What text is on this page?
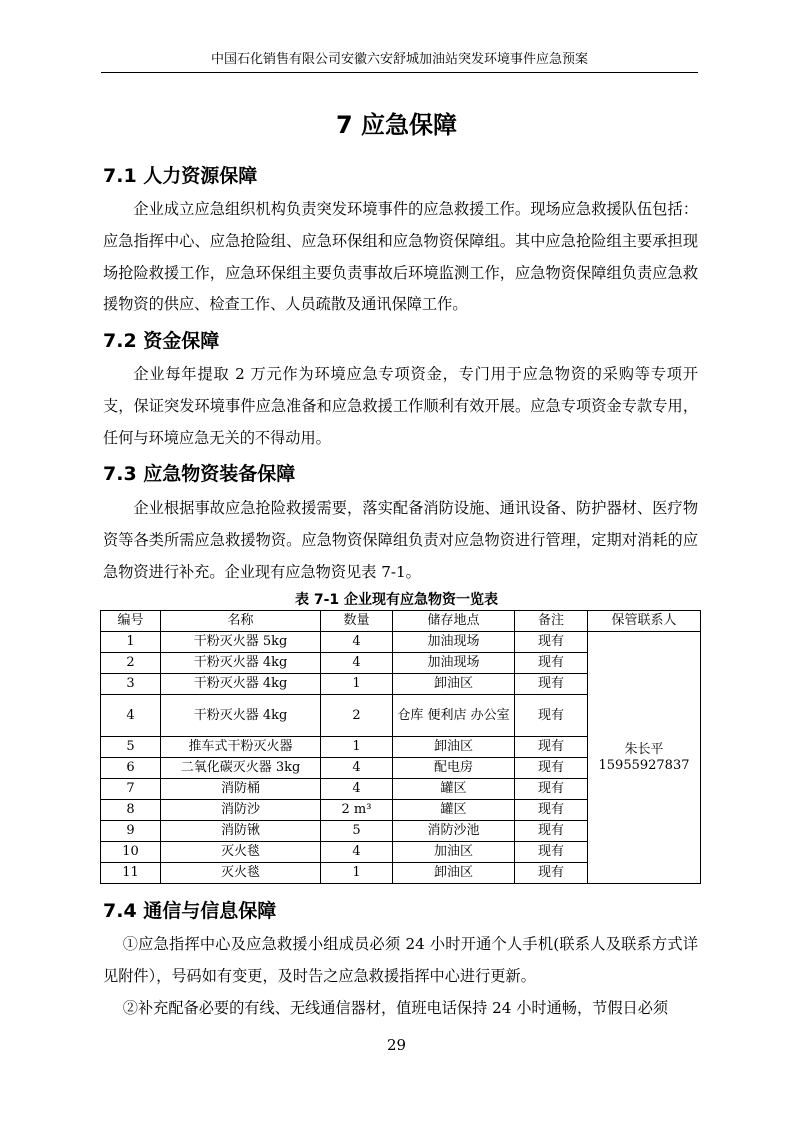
中国石化销售有限公司安徽六安舒城加油站突发环境事件应急预案
7 应急保障
7.1 人力资源保障
企业成立应急组织机构负责突发环境事件的应急救援工作。现场应急救援队伍包括：应急指挥中心、应急抢险组、应急环保组和应急物资保障组。其中应急抢险组主要承担现场抢险救援工作，应急环保组主要负责事故后环境监测工作，应急物资保障组负责应急救援物资的供应、检查工作、人员疏散及通讯保障工作。
7.2 资金保障
企业每年提取 2 万元作为环境应急专项资金，专门用于应急物资的采购等专项开支，保证突发环境事件应急准备和应急救援工作顺利有效开展。应急专项资金专款专用，任何与环境应急无关的不得动用。
7.3 应急物资装备保障
企业根据事故应急抢险救援需要，落实配备消防设施、通讯设备、防护器材、医疗物资等各类所需应急救援物资。应急物资保障组负责对应急物资进行管理，定期对消耗的应急物资进行补充。企业现有应急物资见表 7-1。
表 7-1 企业现有应急物资一览表
编号	名称	数量	储存地点	备注	保管联系人
1	干粉灭火器 5kg	4	加油现场	现有	朱长平
15955927837

2	干粉灭火器 4kg	4	加油现场	现有	
3	干粉灭火器 4kg	1	卸油区	现有	
4	干粉灭火器 4kg	2	仓库 便利店 办公室	现有	
5	推车式干粉灭火器	1	卸油区	现有	
6	二氧化碳灭火器 3kg	4	配电房	现有	
7	消防桶	4	罐区	现有	
8	消防沙	2 m³	罐区	现有	
9	消防锹	5	消防沙池	现有	
10	灭火毯	4	加油区	现有	
11	灭火毯	1	卸油区	现有	
7.4 通信与信息保障
①应急指挥中心及应急救援小组成员必须 24 小时开通个人手机(联系人及联系方式详见附件），号码如有变更，及时告之应急救援指挥中心进行更新。
②补充配备必要的有线、无线通信器材，值班电话保持 24 小时通畅，节假日必须
29
